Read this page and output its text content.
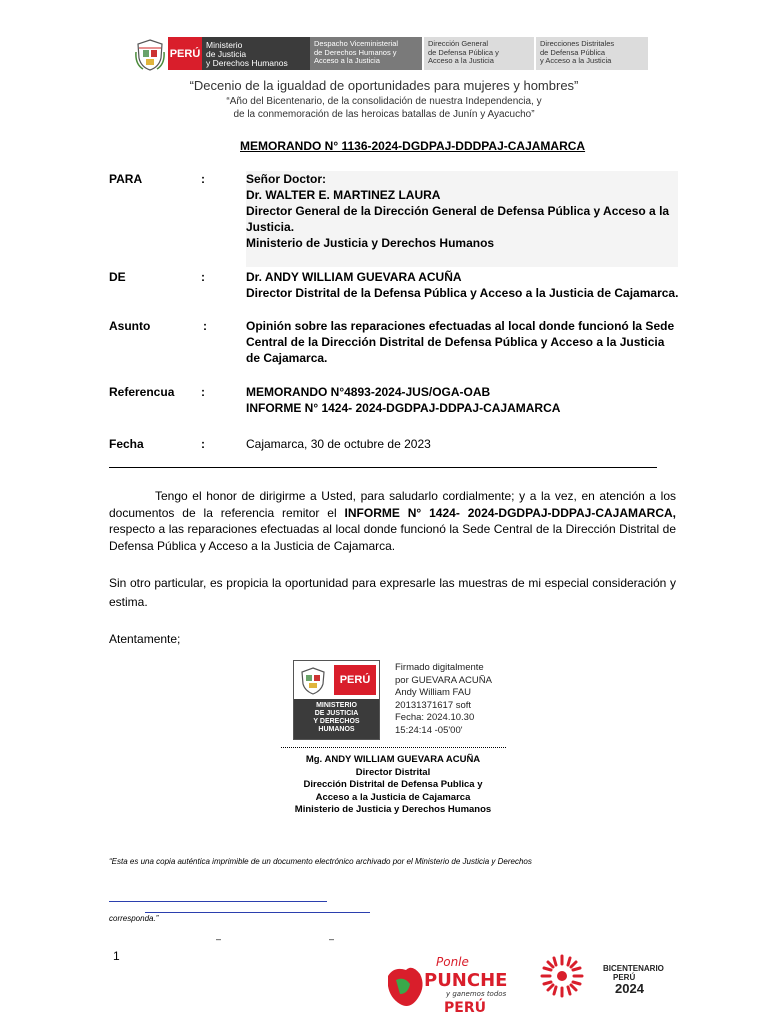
PERÚ
Ministerio
de Justicia
y Derechos Humanos
Despacho Viceministerial
de Derechos Humanos y
Acceso a la Justicia
Dirección General
de Defensa Pública y
Acceso a la Justicia
Direcciones Distritales
de Defensa Pública
y Acceso a la Justicia
“Decenio de la igualdad de oportunidades para mujeres y hombres”
“Año del Bicentenario, de la consolidación de nuestra Independencia, y
de la conmemoración de las heroicas batallas de Junín y Ayacucho”
MEMORANDO N° 1136-2024-DGDPAJ-DDDPAJ-CAJAMARCA
PARA	:	Señor Doctor:
Dr. WALTER E. MARTINEZ LAURA
Director General de la Dirección General de Defensa Pública y Acceso a la
Justicia.
Ministerio de Justicia y Derechos Humanos
DE	:	Dr. ANDY WILLIAM GUEVARA ACUÑA
Director Distrital de la Defensa Pública y Acceso a la Justicia de Cajamarca.
Asunto	:	Opinión sobre las reparaciones efectuadas al local donde funcionó la Sede
Central de la Dirección Distrital de Defensa Pública y Acceso a la Justicia
de Cajamarca.
Referencua :	MEMORANDO N°4893-2024-JUS/OGA-OAB
INFORME N° 1424- 2024-DGDPAJ-DDPAJ-CAJAMARCA
Fecha	:	Cajamarca, 30 de octubre de 2023
Tengo el honor de dirigirme a Usted, para saludarlo cordialmente; y a la vez, en atención a los documentos de la referencia remitor el INFORME N° 1424- 2024-DGDPAJ-DDPAJ-CAJAMARCA, respecto a las reparaciones efectuadas al local donde funcionó la Sede Central de la Dirección Distrital de Defensa Pública y Acceso a la Justicia de Cajamarca.
Sin otro particular, es propicia la oportunidad para expresarle las muestras de mi especial consideración y estima.
Atentamente;
PERÚ
MINISTERIO
DE JUSTICIA
Y DERECHOS
HUMANOS
Firmado digitalmente
por GUEVARA ACUÑA
Andy William FAU
20131371617 soft
Fecha: 2024.10.30
15:24:14 -05'00'
Mg. ANDY WILLIAM GUEVARA ACUÑA
Director Distrital
Dirección Distrital de Defensa Publica y
Acceso a la Justicia de Cajamarca
Ministerio de Justicia y Derechos Humanos
“Esta es una copia auténtica imprimible de un documento electrónico archivado por el Ministerio de Justicia y Derechos
corresponda.”
–	–
1	Ponle
PUNCHE
y ganemos todos
PERÚ
BICENTENARIO
PERÚ
2024
